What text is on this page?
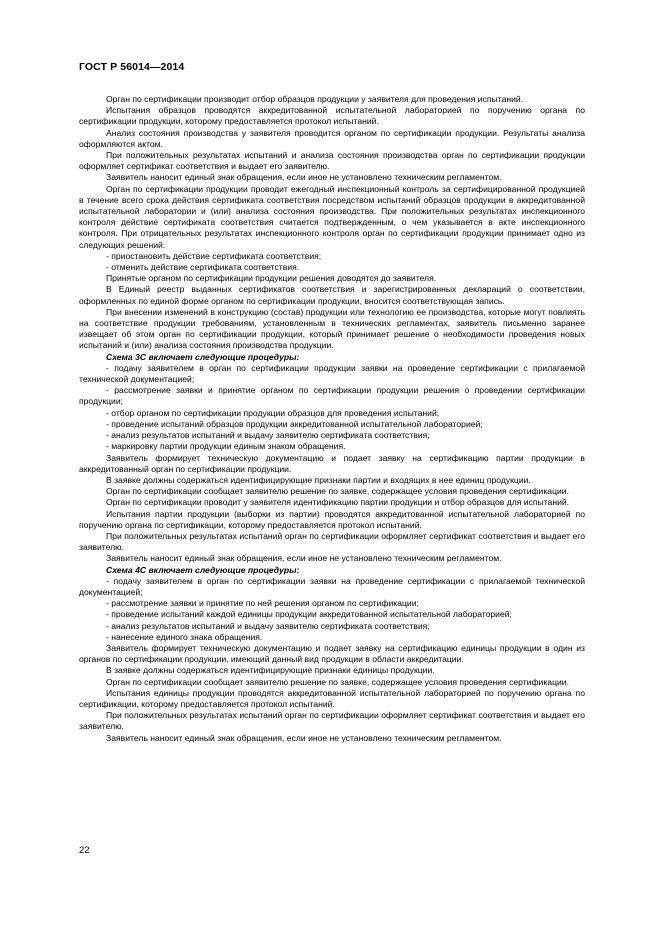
ГОСТ Р 56014—2014

Орган по сертификации производит отбор образцов продукции у заявителя для проведения испытаний.

Испытания образцов проводятся аккредитованной испытательной лабораторией по поручению органа по сертификации продукции, которому предоставляется протокол испытаний.

Анализ состояния производства у заявителя проводится органом по сертификации продукции. Результаты анализа оформляются актом.

При положительных результатах испытаний и анализа состояния производства орган по сертификации продукции оформляет сертификат соответствия и выдает его заявителю.

Заявитель наносит единый знак обращения, если иное не установлено техническим регламентом.

Орган по сертификации продукции проводит ежегодный инспекционный контроль за сертифицированной продукцией в течение всего срока действия сертификата соответствия посредством испытаний образцов продукции в аккредитованной испытательной лаборатории и (или) анализа состояния производства. При положительных результатах инспекционного контроля действие сертификата соответствия считается подтвержденным, о чем указывается в акте инспекционного контроля. При отрицательных результатах инспекционного контроля орган по сертификации продукции принимает одно из следующих решений:

- приостановить действие сертификата соответствия;

- отменить действие сертификата соответствия.

Принятые органом по сертификации продукции решения доводятся до заявителя.

В Единый реестр выданных сертификатов соответствия и зарегистрированных деклараций о соответствии, оформленных по единой форме органом по сертификации продукции, вносится соответствующая запись.

При внесении изменений в конструкцию (состав) продукции или технологию ее производства, которые могут повлиять на соответствие продукции требованиям, установленным в технических регламентах, заявитель письменно заранее извещает об этом орган по сертификации продукции, который принимает решение о необходимости проведения новых испытаний и (или) анализа состояния производства продукции.

Схема 3С включает следующие процедуры:

- подачу заявителем в орган по сертификации продукции заявки на проведение сертификации с прилагаемой технической документацией;

- рассмотрение заявки и принятие органом по сертификации продукции решения о проведении сертификации продукции;

- отбор органом по сертификации продукции образцов для проведения испытаний;

- проведение испытаний образцов продукции аккредитованной испытательной лабораторией;

- анализ результатов испытаний и выдачу заявителю сертификата соответствия;

- маркировку партии продукции единым знаком обращения.

Заявитель формирует техническую документацию и подает заявку на сертификацию партии продукции в аккредитованный орган по сертификации продукции.

В заявке должны содержаться идентифицирующие признаки партии и входящих в нее единиц продукции.

Орган по сертификации сообщает заявителю решение по заявке, содержащее условия проведения сертификации.

Орган по сертификации проводит у заявителя идентификацию партии продукции и отбор образцов для испытаний.

Испытания партии продукции (выборки из партии) проводятся аккредитованной испытательной лабораторией по поручению органа по сертификации, которому предоставляется протокол испытаний.

При положительных результатах испытаний орган по сертификации оформляет сертификат соответствия и выдает его заявителю.

Заявитель наносит единый знак обращения, если иное не установлено техническим регламентом.

Схема 4С включает следующие процедуры:

- подачу заявителем в орган по сертификации заявки на проведение сертификации с прилагаемой технической документацией;

- рассмотрение заявки и принятие по ней решения органом по сертификации;

- проведение испытаний каждой единицы продукции аккредитованной испытательной лабораторией;

- анализ результатов испытаний и выдачу заявителю сертификата соответствия;

- нанесение единого знака обращения.

Заявитель формирует техническую документацию и подает заявку на сертификацию единицы продукции в один из органов по сертификации продукции, имеющий данный вид продукции в области аккредитации.

В заявке должны содержаться идентифицирующие признаки единицы продукции.

Орган по сертификации сообщает заявителю решение по заявке, содержащее условия проведения сертификации.

Испытания единицы продукции проводятся аккредитованной испытательной лабораторией по поручению органа по сертификации, которому предоставляется протокол испытаний.

При положительных результатах испытаний орган по сертификации оформляет сертификат соответствия и выдает его заявителю.

Заявитель наносит единый знак обращения, если иное не установлено техническим регламентом.

22
